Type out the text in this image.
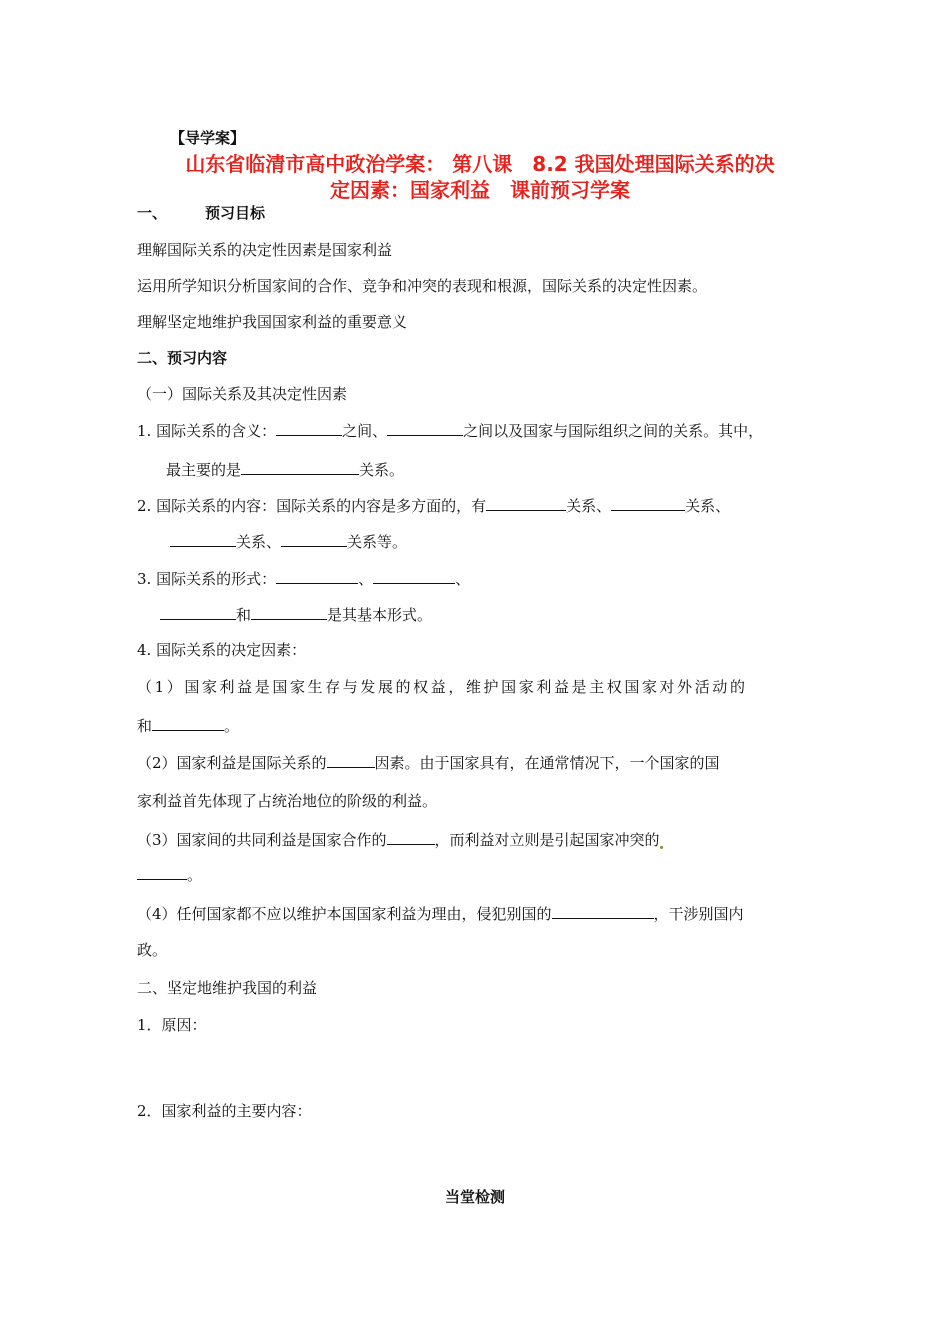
【导学案】
山东省临清市高中政治学案： 第八课　8.2 我国处理国际关系的决
定因素：国家利益　课前预习学案
一、	预习目标
理解国际关系的决定性因素是国家利益
运用所学知识分析国家间的合作、竞争和冲突的表现和根源，国际关系的决定性因素。
理解坚定地维护我国国家利益的重要意义
二、预习内容
（一）国际关系及其决定性因素
1. 国际关系的含义：	之间、	之间以及国家与国际组织之间的关系。其中，
最主要的是	关系。
2. 国际关系的内容：国际关系的内容是多方面的，有	关系、	关系、
关系、	关系等。
3. 国际关系的形式：	、	、
和	是其基本形式。
4. 国际关系的决定因素：
（1）国家利益是国家生存与发展的权益，维护国家利益是主权国家对外活动的
和	。
（2）国家利益是国际关系的	因素。由于国家具有，在通常情况下，一个国家的国
家利益首先体现了占统治地位的阶级的利益。
（3）国家间的共同利益是国家合作的	，而利益对立则是引起国家冲突的
。
（4）任何国家都不应以维护本国国家利益为理由，侵犯别国的	，干涉别国内
政。
二、坚定地维护我国的利益
1．原因：
2．国家利益的主要内容：
当堂检测
